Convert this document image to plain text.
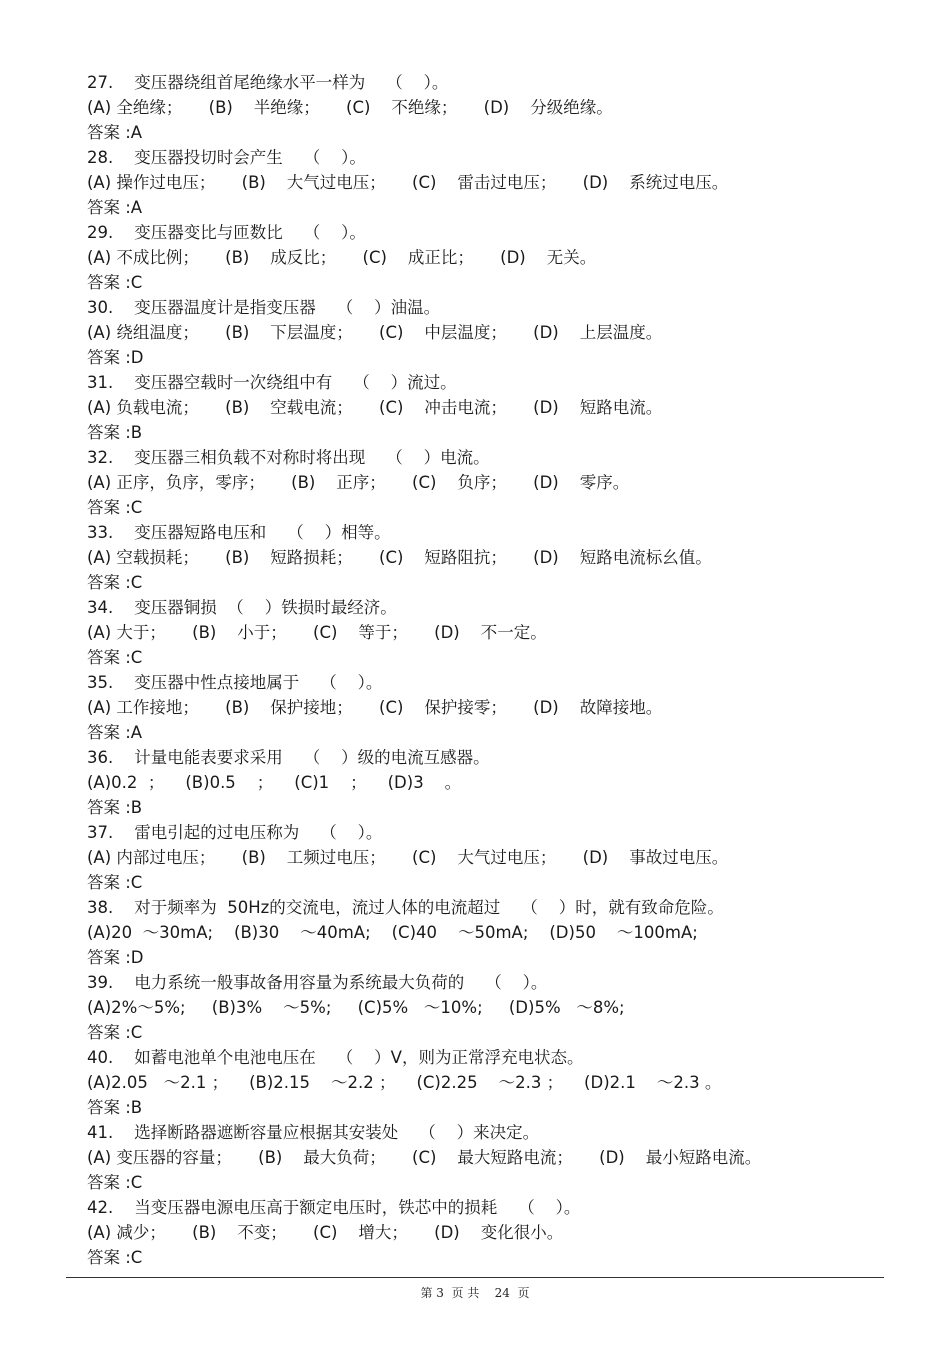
27.    变压器绕组首尾绝缘水平一样为    （    ）。
(A) 全绝缘；     (B)    半绝缘；     (C)    不绝缘；     (D)    分级绝缘。
答案 :A
28.    变压器投切时会产生    （    ）。
(A) 操作过电压；     (B)    大气过电压；     (C)    雷击过电压；     (D)    系统过电压。
答案 :A
29.    变压器变比与匝数比    （    ）。
(A) 不成比例；     (B)    成反比；     (C)    成正比；     (D)    无关。
答案 :C
30.    变压器温度计是指变压器    （    ）油温。
(A) 绕组温度；     (B)    下层温度；     (C)    中层温度；     (D)    上层温度。
答案 :D
31.    变压器空载时一次绕组中有    （    ）流过。
(A) 负载电流；     (B)    空载电流；     (C)    冲击电流；     (D)    短路电流。
答案 :B
32.    变压器三相负载不对称时将出现    （    ）电流。
(A) 正序，负序，零序；     (B)    正序；     (C)    负序；     (D)    零序。
答案 :C
33.    变压器短路电压和    （    ）相等。
(A) 空载损耗；     (B)    短路损耗；     (C)    短路阻抗；     (D)    短路电流标幺值。
答案 :C
34.    变压器铜损  （    ）铁损时最经济。
(A) 大于；     (B)    小于；     (C)    等于；     (D)    不一定。
答案 :C
35.    变压器中性点接地属于    （    ）。
(A) 工作接地；     (B)    保护接地；     (C)    保护接零；     (D)    故障接地。
答案 :A
36.    计量电能表要求采用    （    ）级的电流互感器。
(A)0.2  ；    (B)0.5    ；    (C)1    ；    (D)3    。
答案 :B
37.    雷电引起的过电压称为    （    ）。
(A) 内部过电压；     (B)    工频过电压；     (C)    大气过电压；     (D)    事故过电压。
答案 :C
38.    对于频率为  50Hz的交流电，流过人体的电流超过    （    ）时，就有致命危险。
(A)20  ～30mA;    (B)30    ～40mA;    (C)40    ～50mA;    (D)50    ～100mA;
答案 :D
39.    电力系统一般事故备用容量为系统最大负荷的    （    ）。
(A)2%～5%;     (B)3%    ～5%;     (C)5%   ～10%;     (D)5%   ～8%;
答案 :C
40.    如蓄电池单个电池电压在    （    ）V，则为正常浮充电状态。
(A)2.05   ～2.1 ；    (B)2.15    ～2.2 ；    (C)2.25    ～2.3 ；    (D)2.1    ～2.3 。
答案 :B
41.    选择断路器遮断容量应根据其安装处    （    ）来决定。
(A) 变压器的容量；     (B)    最大负荷；     (C)    最大短路电流；     (D)    最小短路电流。
答案 :C
42.    当变压器电源电压高于额定电压时，铁芯中的损耗    （    ）。
(A) 减少；     (B)    不变；     (C)    增大；     (D)    变化很小。
答案 :C
第 3  页 共    24  页
